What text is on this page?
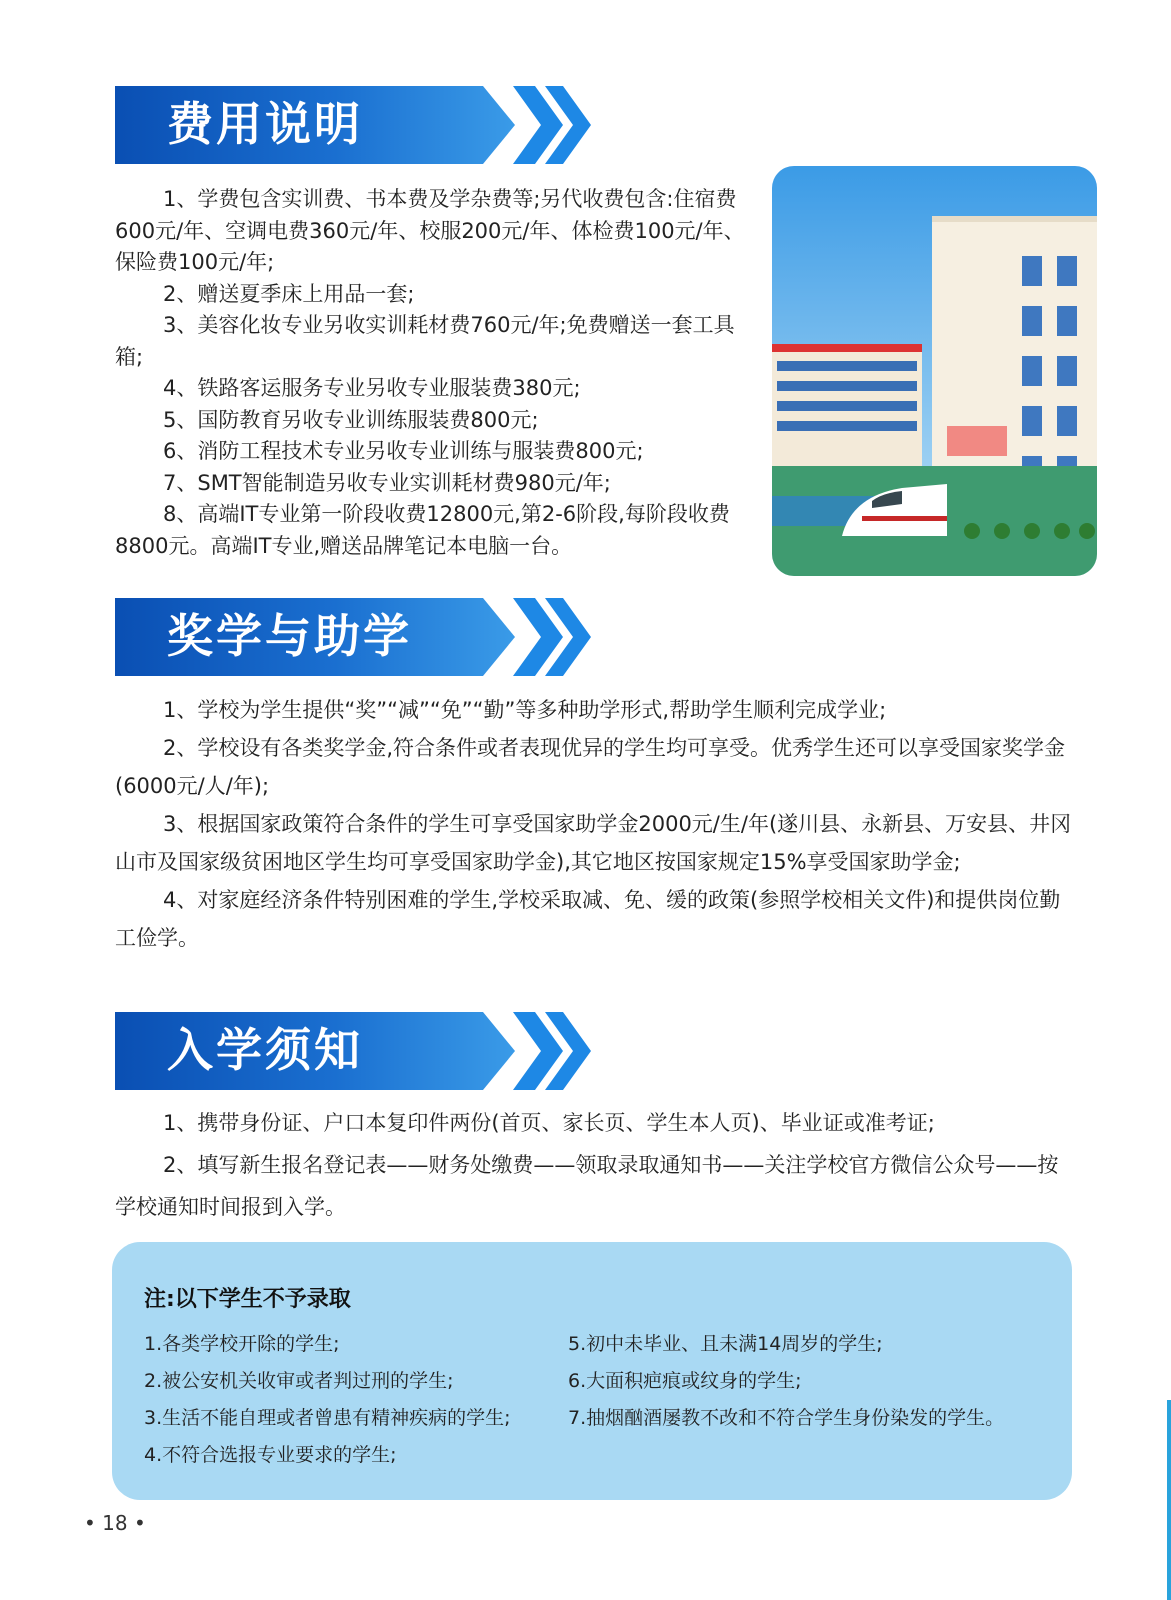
费用说明

1、学费包含实训费、书本费及学杂费等;另代收费包含:住宿费600元/年、空调电费360元/年、校服200元/年、体检费100元/年、保险费100元/年;

2、赠送夏季床上用品一套;

3、美容化妆专业另收实训耗材费760元/年;免费赠送一套工具箱;

4、铁路客运服务专业另收专业服装费380元;

5、国防教育另收专业训练服装费800元;

6、消防工程技术专业另收专业训练与服装费800元;

7、SMT智能制造另收专业实训耗材费980元/年;

8、高端IT专业第一阶段收费12800元,第2-6阶段,每阶段收费8800元。高端IT专业,赠送品牌笔记本电脑一台。

奖学与助学

1、学校为学生提供“奖”“减”“免”“勤”等多种助学形式,帮助学生顺利完成学业;

2、学校设有各类奖学金,符合条件或者表现优异的学生均可享受。优秀学生还可以享受国家奖学金(6000元/人/年);

3、根据国家政策符合条件的学生可享受国家助学金2000元/生/年(遂川县、永新县、万安县、井冈山市及国家级贫困地区学生均可享受国家助学金),其它地区按国家规定15%享受国家助学金;

4、对家庭经济条件特别困难的学生,学校采取减、免、缓的政策(参照学校相关文件)和提供岗位勤工俭学。

入学须知

1、携带身份证、户口本复印件两份(首页、家长页、学生本人页)、毕业证或准考证;

2、填写新生报名登记表——财务处缴费——领取录取通知书——关注学校官方微信公众号——按学校通知时间报到入学。

注:以下学生不予录取
1.各类学校开除的学生;
2.被公安机关收审或者判过刑的学生;
3.生活不能自理或者曾患有精神疾病的学生;
4.不符合选报专业要求的学生;
5.初中未毕业、且未满14周岁的学生;
6.大面积疤痕或纹身的学生;
7.抽烟酗酒屡教不改和不符合学生身份染发的学生。
• 18 •
